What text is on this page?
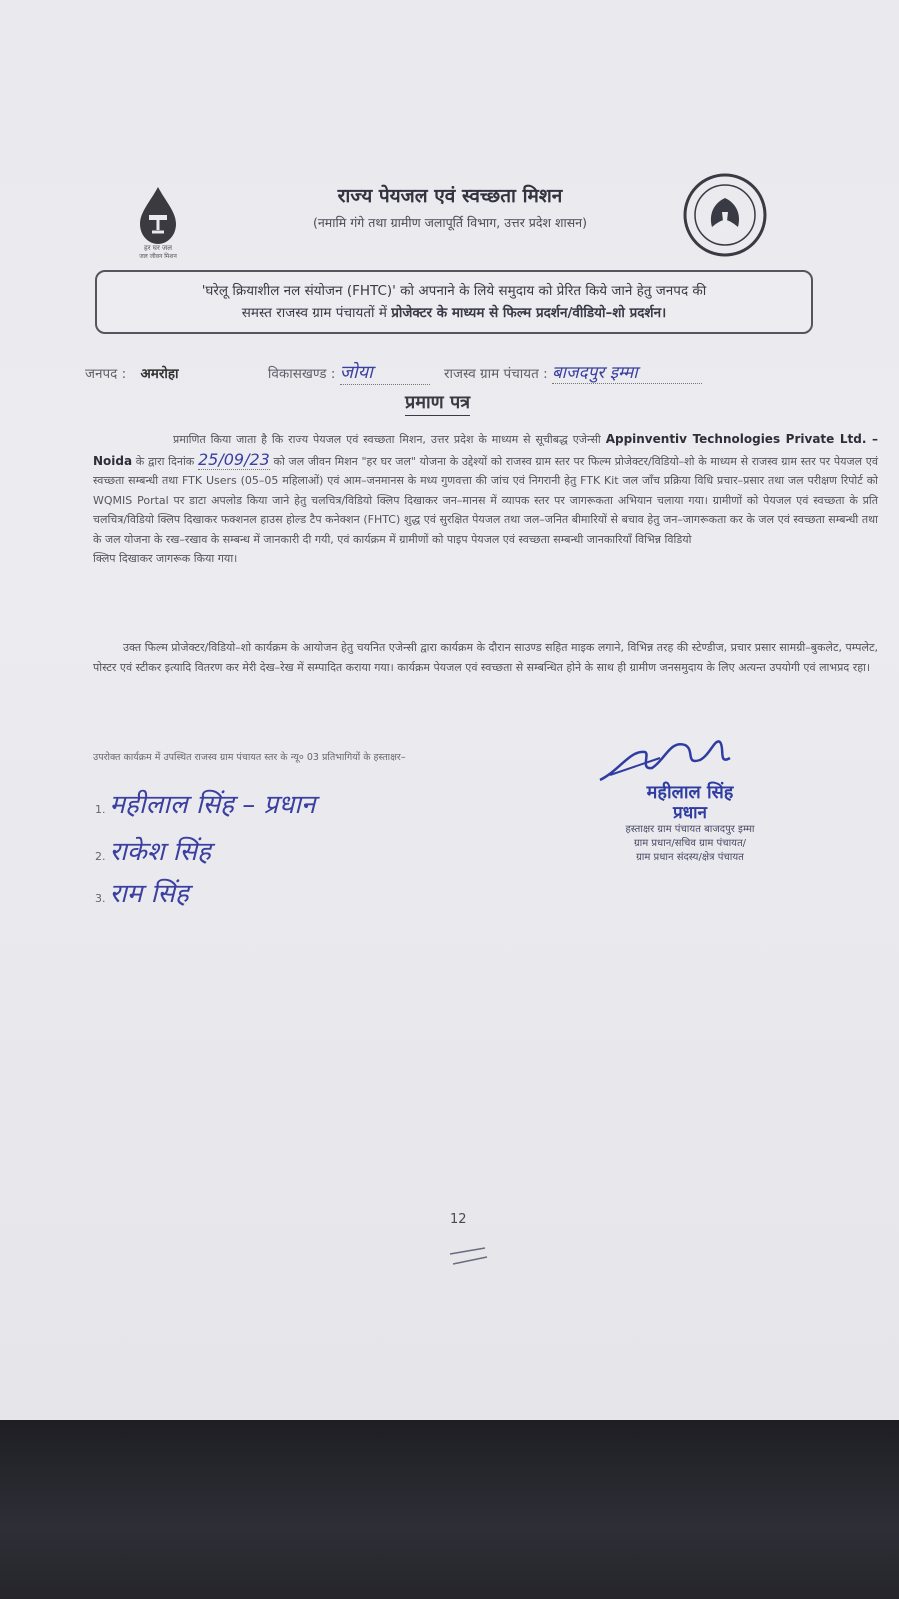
हर घर जल
जल जीवन मिशन
राज्य पेयजल एवं स्वच्छता मिशन
(नमामि गंगे तथा ग्रामीण जलापूर्ति विभाग, उत्तर प्रदेश शासन)
'घरेलू क्रियाशील नल संयोजन (FHTC)' को अपनाने के लिये समुदाय को प्रेरित किये जाने हेतु जनपद की
समस्त राजस्व ग्राम पंचायतों में प्रोजेक्टर के माध्यम से फिल्म प्रदर्शन/वीडियो–शो प्रदर्शन।
जनपद : अमरोहा	विकासखण्ड : जोया	राजस्व ग्राम पंचायत : बाजदपुर इम्मा
प्रमाण पत्र
प्रमाणित किया जाता है कि राज्य पेयजल एवं स्वच्छता मिशन, उत्तर प्रदेश के माध्यम से सूचीबद्ध एजेन्सी Appinventiv Technologies Private Ltd. – Noida के द्वारा दिनांक 25/09/23 को जल जीवन मिशन "हर घर जल" योजना के उद्देश्यों को राजस्व ग्राम स्तर पर फिल्म प्रोजेक्टर/विडियो–शो के माध्यम से राजस्व ग्राम स्तर पर पेयजल एवं स्वच्छता सम्बन्धी तथा FTK Users (05–05 महिलाओं) एवं आम–जनमानस के मध्य गुणवत्ता की जांच एवं निगरानी हेतु FTK Kit जल जाँच प्रक्रिया विधि प्रचार–प्रसार तथा जल परीक्षण रिपोर्ट को WQMIS Portal पर डाटा अपलोड किया जाने हेतु चलचित्र/विडियो क्लिप दिखाकर जन–मानस में व्यापक स्तर पर जागरूकता अभियान चलाया गया। ग्रामीणों को पेयजल एवं स्वच्छता के प्रति चलचित्र/विडियो क्लिप दिखाकर फक्शनल हाउस होल्ड टैप कनेक्शन (FHTC) शुद्ध एवं सुरक्षित पेयजल तथा जल–जनित बीमारियों से बचाव हेतु जन–जागरूकता कर के जल एवं स्वच्छता सम्बन्धी तथा के जल योजना के रख–रखाव के सम्बन्ध में जानकारी दी गयी, एवं कार्यक्रम में ग्रामीणों को पाइप पेयजल एवं स्वच्छता सम्बन्धी जानकारियाँ विभिन्न विडियो
क्लिप दिखाकर जागरूक किया गया।
उक्त फिल्म प्रोजेक्टर/विडियो–शो कार्यक्रम के आयोजन हेतु चयनित एजेन्सी द्वारा कार्यक्रम के दौरान साउण्ड सहित माइक लगाने, विभिन्न तरह की स्टेण्डीज, प्रचार प्रसार सामग्री–बुकलेट, पम्पलेट, पोस्टर एवं स्टीकर इत्यादि वितरण कर मेरी देख–रेख में सम्पादित कराया गया। कार्यक्रम पेयजल एवं स्वच्छता से सम्बन्धित होने के साथ ही ग्रामीण जनसमुदाय के लिए अत्यन्त उपयोगी एवं लाभप्रद रहा।
उपरोक्त कार्यक्रम में उपस्थित राजस्व ग्राम पंचायत स्तर के न्यू० 03 प्रतिभागियों के हस्ताक्षर–
1. महीलाल सिंह – प्रधान
2. राकेश सिंह
3. राम सिंह
महीलाल सिंह
प्रधान
हस्ताक्षर ग्राम पंचायत बाजदपुर इम्मा
ग्राम प्रधान/सचिव ग्राम पंचायत/
ग्राम प्रधान संदस्य/क्षेत्र पंचायत
12
